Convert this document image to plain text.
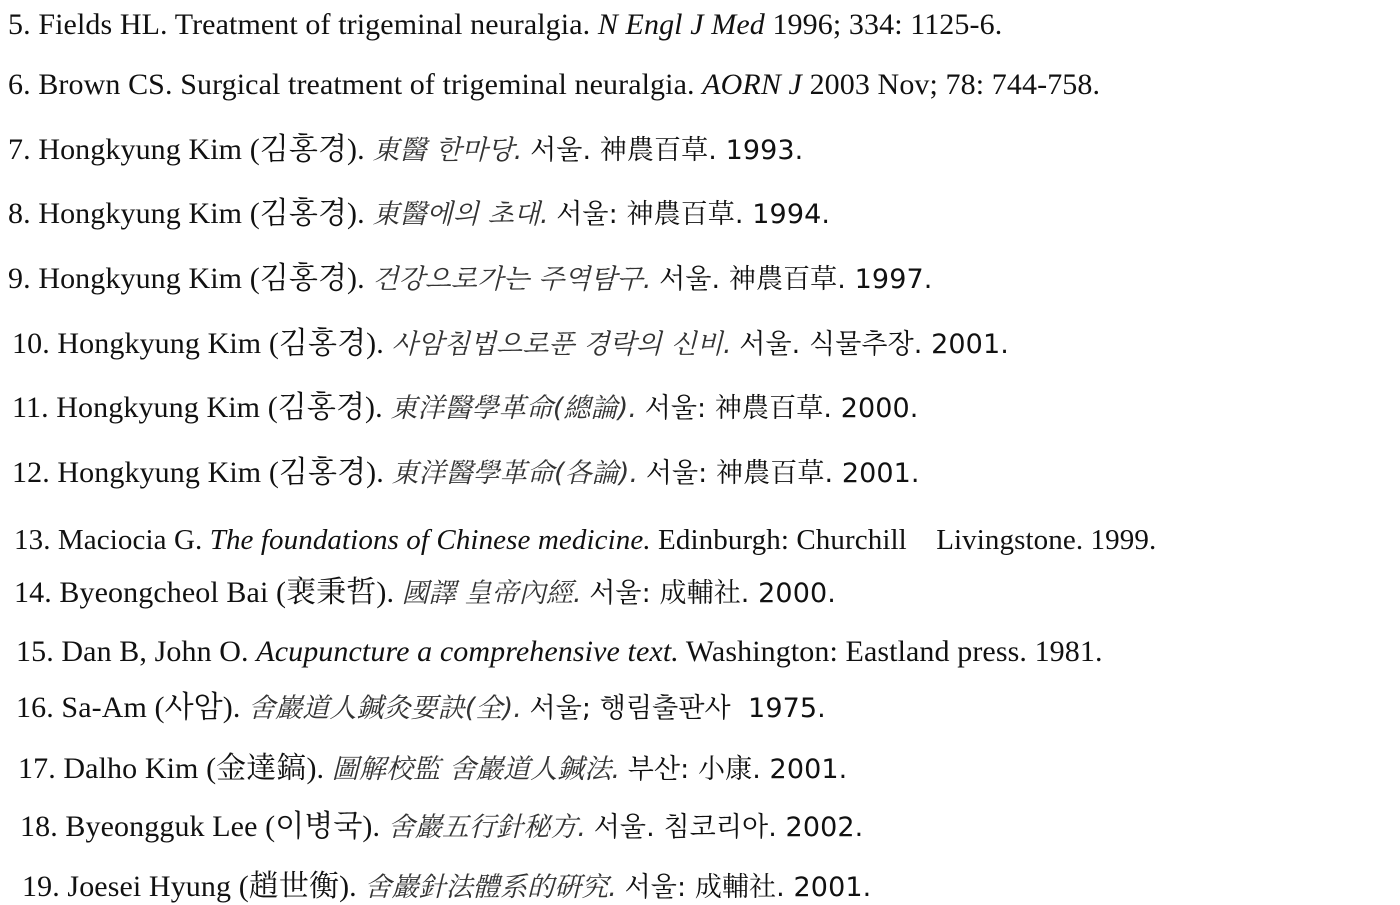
5. Fields HL. Treatment of trigeminal neuralgia. N Engl J Med 1996; 334: 1125-6.
6. Brown CS. Surgical treatment of trigeminal neuralgia. AORN J 2003 Nov; 78: 744-758.
7. Hongkyung Kim (김홍경). 東醫 한마당. 서울. 神農百草. 1993.
8. Hongkyung Kim (김홍경). 東醫에의 초대. 서울: 神農百草. 1994.
9. Hongkyung Kim (김홍경). 건강으로가는 주역탐구. 서울. 神農百草. 1997.
10. Hongkyung Kim (김홍경). 사암침법으로푼 경락의 신비. 서울. 식물추장. 2001.
11. Hongkyung Kim (김홍경). 東洋醫學革命(總論). 서울: 神農百草. 2000.
12. Hongkyung Kim (김홍경). 東洋醫學革命(各論). 서울: 神農百草. 2001.
13. Maciocia G. The foundations of Chinese medicine. Edinburgh: Churchill    Livingstone. 1999.
14. Byeongcheol Bai (裵秉哲). 國譯 皇帝內經. 서울: 成輔社. 2000.
15. Dan B, John O. Acupuncture a comprehensive text. Washington: Eastland press. 1981.
16. Sa-Am (사암). 舍巖道人鍼灸要訣(全). 서울; 행림출판사  1975.
17. Dalho Kim (金達鎬). 圖解校監 舍巖道人鍼法. 부산: 小康. 2001.
18. Byeongguk Lee (이병국). 舍巖五行針秘方. 서울. 침코리아. 2002.
19. Joesei Hyung (趙世衡). 舍巖針法體系的硏究. 서울: 成輔社. 2001.
